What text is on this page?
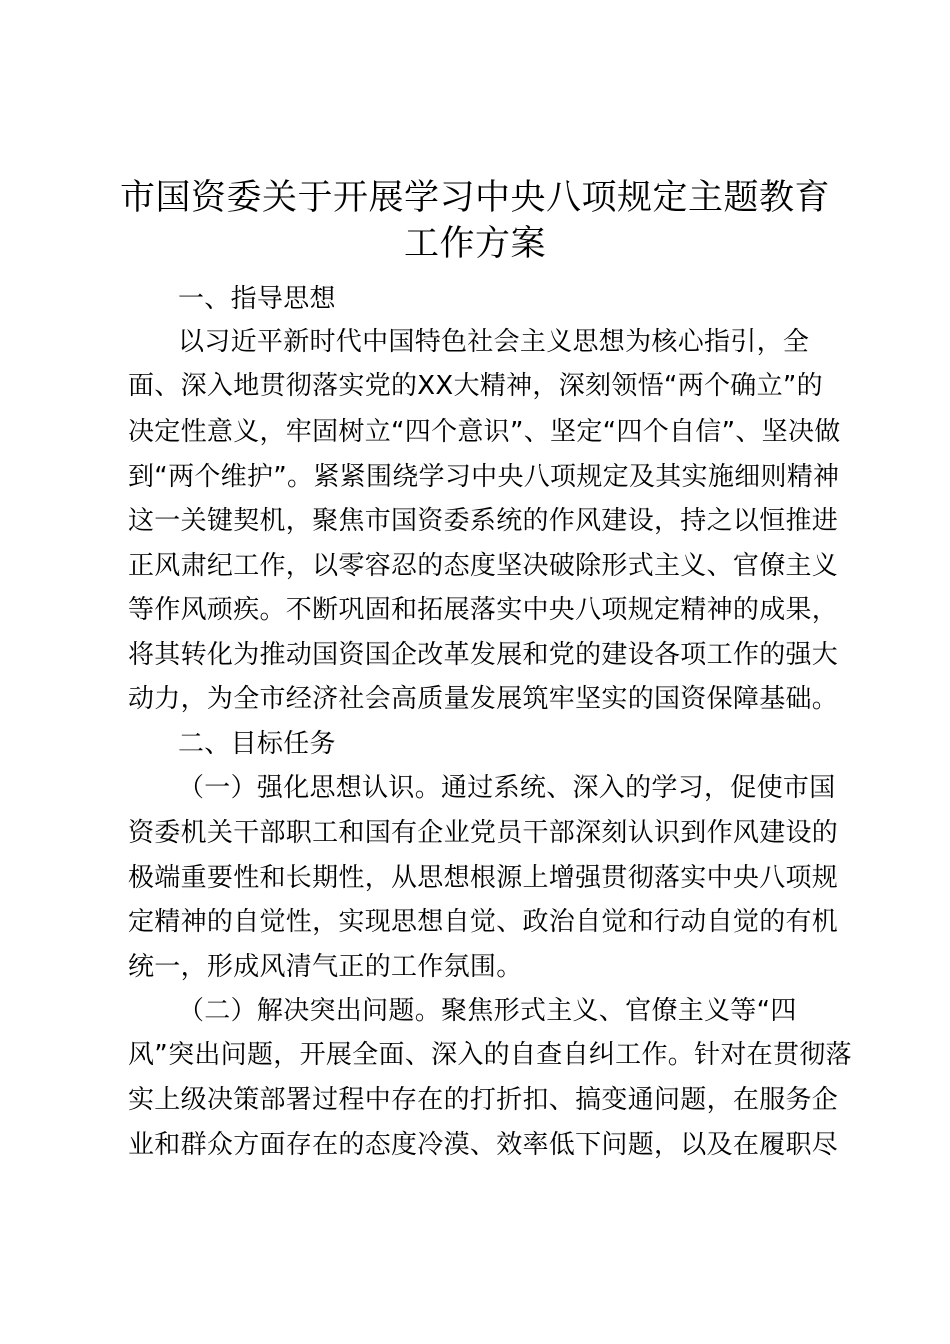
市国资委关于开展学习中央八项规定主题教育
工作方案

一、指导思想

以习近平新时代中国特色社会主义思想为核心指引，全

面、深入地贯彻落实党的XX大精神，深刻领悟“两个确立”的

决定性意义，牢固树立“四个意识”、坚定“四个自信”、坚决做

到“两个维护”。紧紧围绕学习中央八项规定及其实施细则精神

这一关键契机，聚焦市国资委系统的作风建设，持之以恒推进

正风肃纪工作，以零容忍的态度坚决破除形式主义、官僚主义

等作风顽疾。不断巩固和拓展落实中央八项规定精神的成果，

将其转化为推动国资国企改革发展和党的建设各项工作的强大

动力，为全市经济社会高质量发展筑牢坚实的国资保障基础。

二、目标任务

（一）强化思想认识。通过系统、深入的学习，促使市国

资委机关干部职工和国有企业党员干部深刻认识到作风建设的

极端重要性和长期性，从思想根源上增强贯彻落实中央八项规

定精神的自觉性，实现思想自觉、政治自觉和行动自觉的有机

统一，形成风清气正的工作氛围。

（二）解决突出问题。聚焦形式主义、官僚主义等“四

风”突出问题，开展全面、深入的自查自纠工作。针对在贯彻落

实上级决策部署过程中存在的打折扣、搞变通问题，在服务企

业和群众方面存在的态度冷漠、效率低下问题，以及在履职尽
